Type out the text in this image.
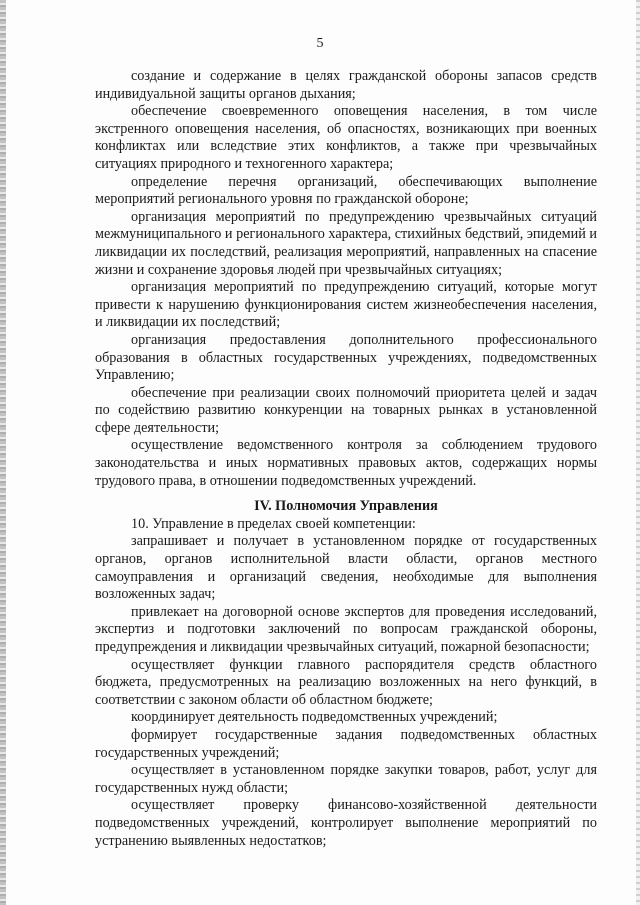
5

создание и содержание в целях гражданской обороны запасов средств индивидуальной защиты органов дыхания;

обеспечение своевременного оповещения населения, в том числе экстренного оповещения населения, об опасностях, возникающих при военных конфликтах или вследствие этих конфликтов, а также при чрезвычайных ситуациях природного и техногенного характера;

определение перечня организаций, обеспечивающих выполнение мероприятий регионального уровня по гражданской обороне;

организация мероприятий по предупреждению чрезвычайных ситуаций межмуниципального и регионального характера, стихийных бедствий, эпидемий и ликвидации их последствий, реализация мероприятий, направленных на спасение жизни и сохранение здоровья людей при чрезвычайных ситуациях;

организация мероприятий по предупреждению ситуаций, которые могут привести к нарушению функционирования систем жизнеобеспечения населения, и ликвидации их последствий;

организация предоставления дополнительного профессионального образования в областных государственных учреждениях, подведомственных Управлению;

обеспечение при реализации своих полномочий приоритета целей и задач по содействию развитию конкуренции на товарных рынках в установленной сфере деятельности;

осуществление ведомственного контроля за соблюдением трудового законодательства и иных нормативных правовых актов, содержащих нормы трудового права, в отношении подведомственных учреждений.

IV. Полномочия Управления

10. Управление в пределах своей компетенции:

запрашивает и получает в установленном порядке от государственных органов, органов исполнительной власти области, органов местного самоуправления и организаций сведения, необходимые для выполнения возложенных задач;

привлекает на договорной основе экспертов для проведения исследований, экспертиз и подготовки заключений по вопросам гражданской обороны, предупреждения и ликвидации чрезвычайных ситуаций, пожарной безопасности;

осуществляет функции главного распорядителя средств областного бюджета, предусмотренных на реализацию возложенных на него функций, в соответствии с законом области об областном бюджете;

координирует деятельность подведомственных учреждений;

формирует государственные задания подведомственных областных государственных учреждений;

осуществляет в установленном порядке закупки товаров, работ, услуг для государственных нужд области;

осуществляет проверку финансово-хозяйственной деятельности подведомственных учреждений, контролирует выполнение мероприятий по устранению выявленных недостатков;
